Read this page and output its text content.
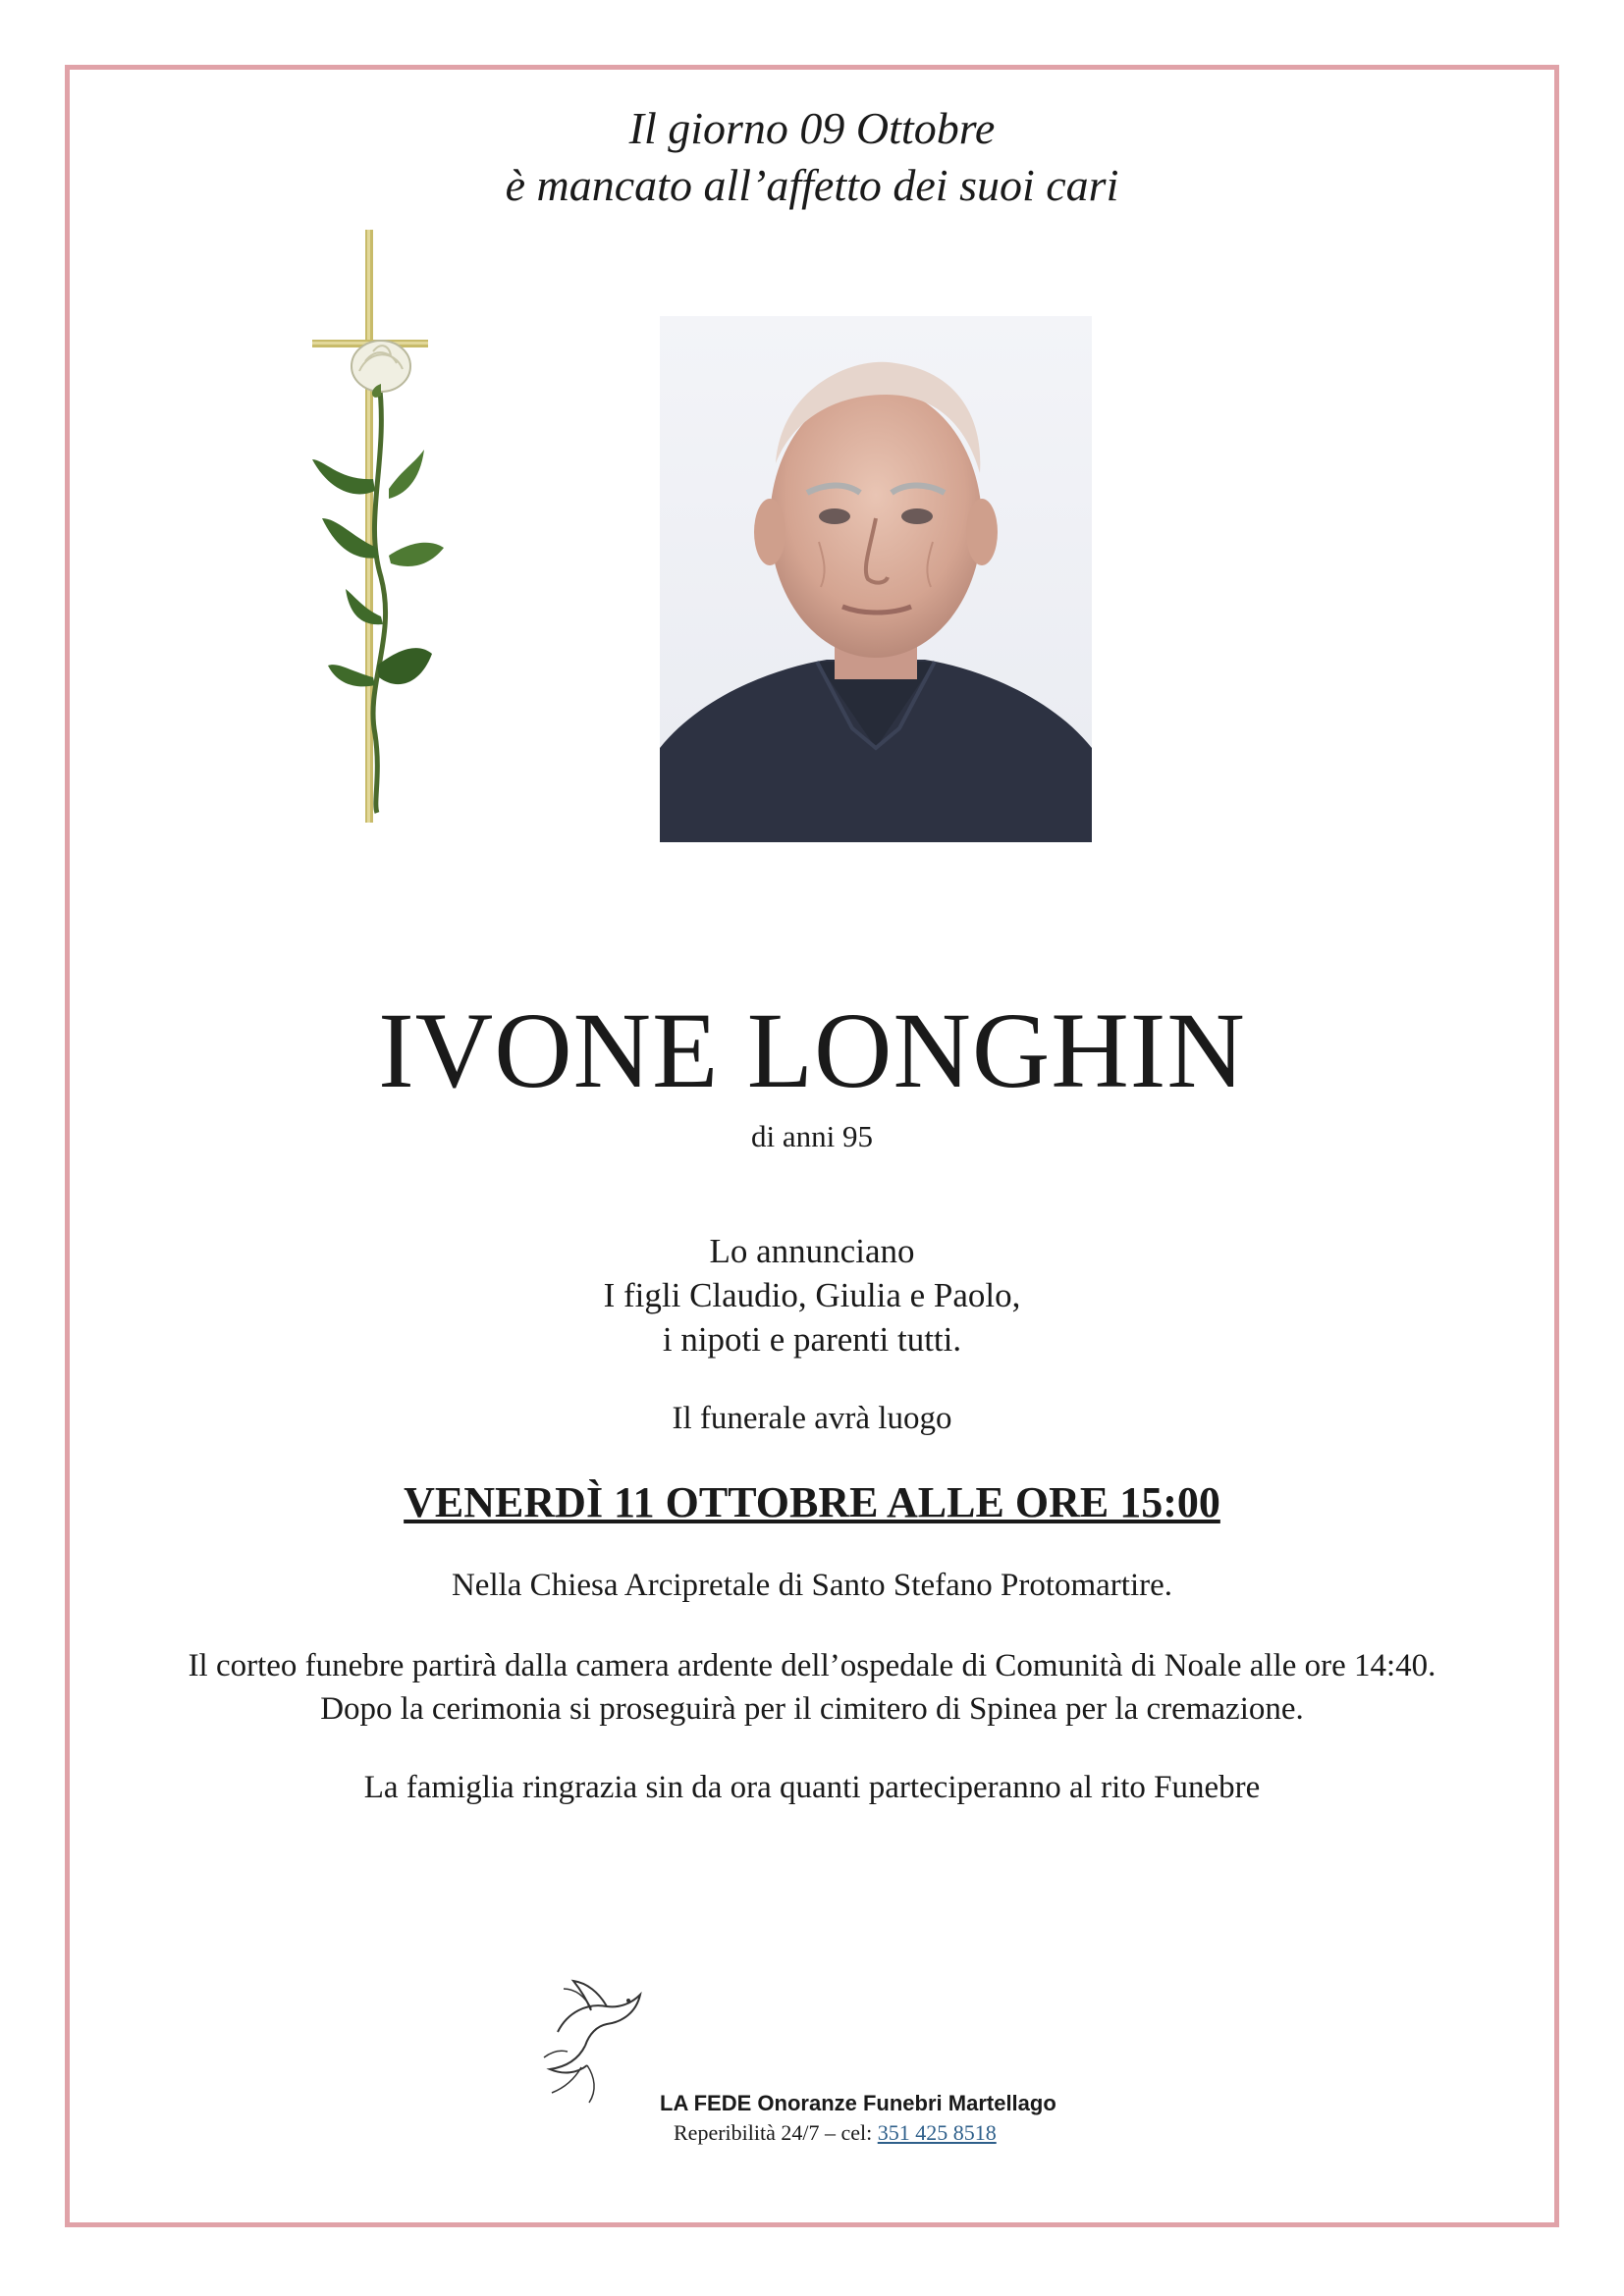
Il giorno 09 Ottobre
è mancato all’affetto dei suoi cari
IVONE LONGHIN
di anni 95
Lo annunciano
I figli Claudio, Giulia e Paolo,
i nipoti e parenti tutti.
Il funerale avrà luogo
VENERDÌ 11 OTTOBRE ALLE ORE 15:00
Nella Chiesa Arcipretale di Santo Stefano Protomartire.
Il corteo funebre partirà dalla camera ardente dell’ospedale di Comunità di Noale alle ore 14:40.
Dopo la cerimonia si proseguirà per il cimitero di Spinea per la cremazione.
La famiglia ringrazia sin da ora quanti parteciperanno al rito Funebre
LA FEDE Onoranze Funebri Martellago
Reperibilità 24/7 – cel: 351 425 8518
